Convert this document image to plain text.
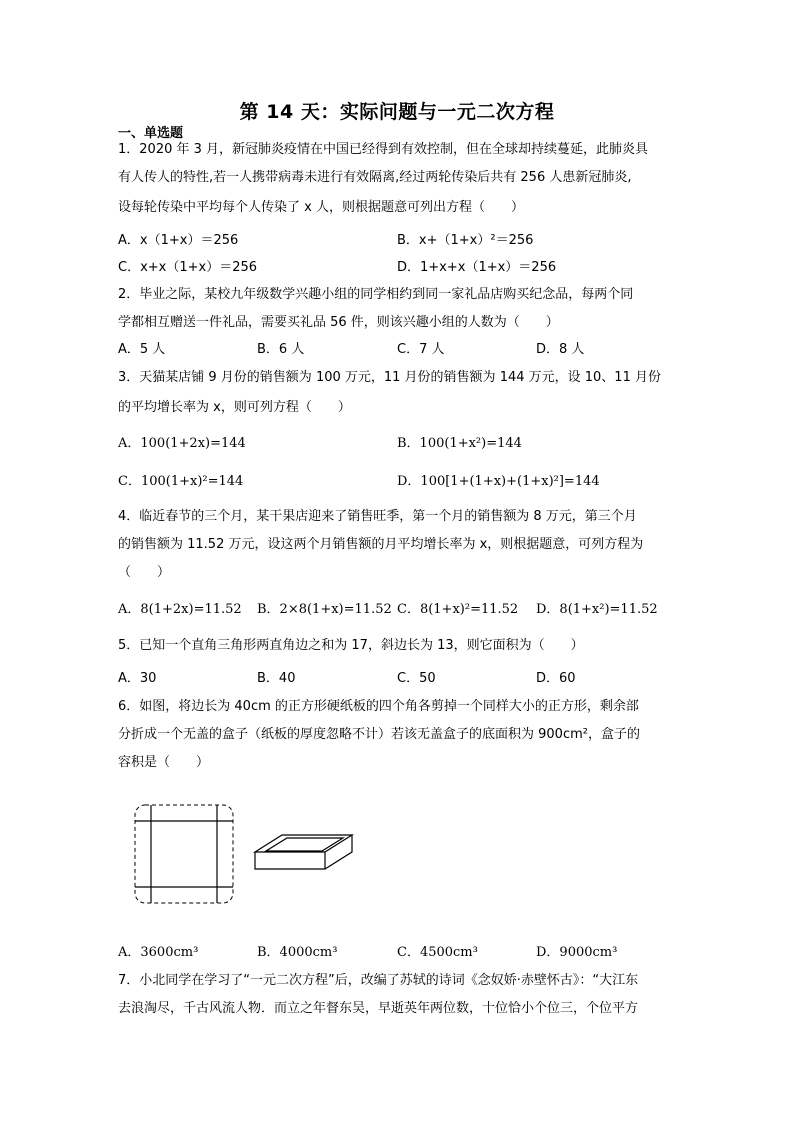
第 14 天：实际问题与一元二次方程
一、单选题
1．2020 年 3 月，新冠肺炎疫情在中国已经得到有效控制，但在全球却持续蔓延，此肺炎具
有人传人的特性,若一人携带病毒未进行有效隔离,经过两轮传染后共有 256 人患新冠肺炎,
设每轮传染中平均每个人传染了 x 人，则根据题意可列出方程（　　）
A．x（1+x）＝256	B．x+（1+x）²＝256
C．x+x（1+x）＝256	D．1+x+x（1+x）＝256
2．毕业之际，某校九年级数学兴趣小组的同学相约到同一家礼品店购买纪念品，每两个同
学都相互赠送一件礼品，需要买礼品 56 件，则该兴趣小组的人数为（　　）
A．5 人	B．6 人	C．7 人	D．8 人
3．天猫某店铺 9 月份的销售额为 100 万元，11 月份的销售额为 144 万元，设 10、11 月份
的平均增长率为 x，则可列方程（　　）
A．100(1+2x)=144	B．100(1+x²)=144
C．100(1+x)²=144	D．100[1+(1+x)+(1+x)²]=144
4．临近春节的三个月，某干果店迎来了销售旺季，第一个月的销售额为 8 万元，第三个月
的销售额为 11.52 万元，设这两个月销售额的月平均增长率为 x，则根据题意，可列方程为
（　　）
A．8(1+2x)=11.52 B．2×8(1+x)=11.52 C．8(1+x)²=11.52 D．8(1+x²)=11.52
5．已知一个直角三角形两直角边之和为 17，斜边长为 13，则它面积为（　　）
A．30	B．40	C．50	D．60
6．如图，将边长为 40cm 的正方形硬纸板的四个角各剪掉一个同样大小的正方形，剩余部
分折成一个无盖的盒子（纸板的厚度忽略不计）若该无盖盒子的底面积为 900cm²，盒子的
容积是（　　）
A．3600cm³	B．4000cm³	C．4500cm³	D．9000cm³
7．小北同学在学习了“一元二次方程”后，改编了苏轼的诗词《念奴娇·赤壁怀古》：“大江东
去浪淘尽，千古风流人物．而立之年督东吴，早逝英年两位数，十位恰小个位三，个位平方
